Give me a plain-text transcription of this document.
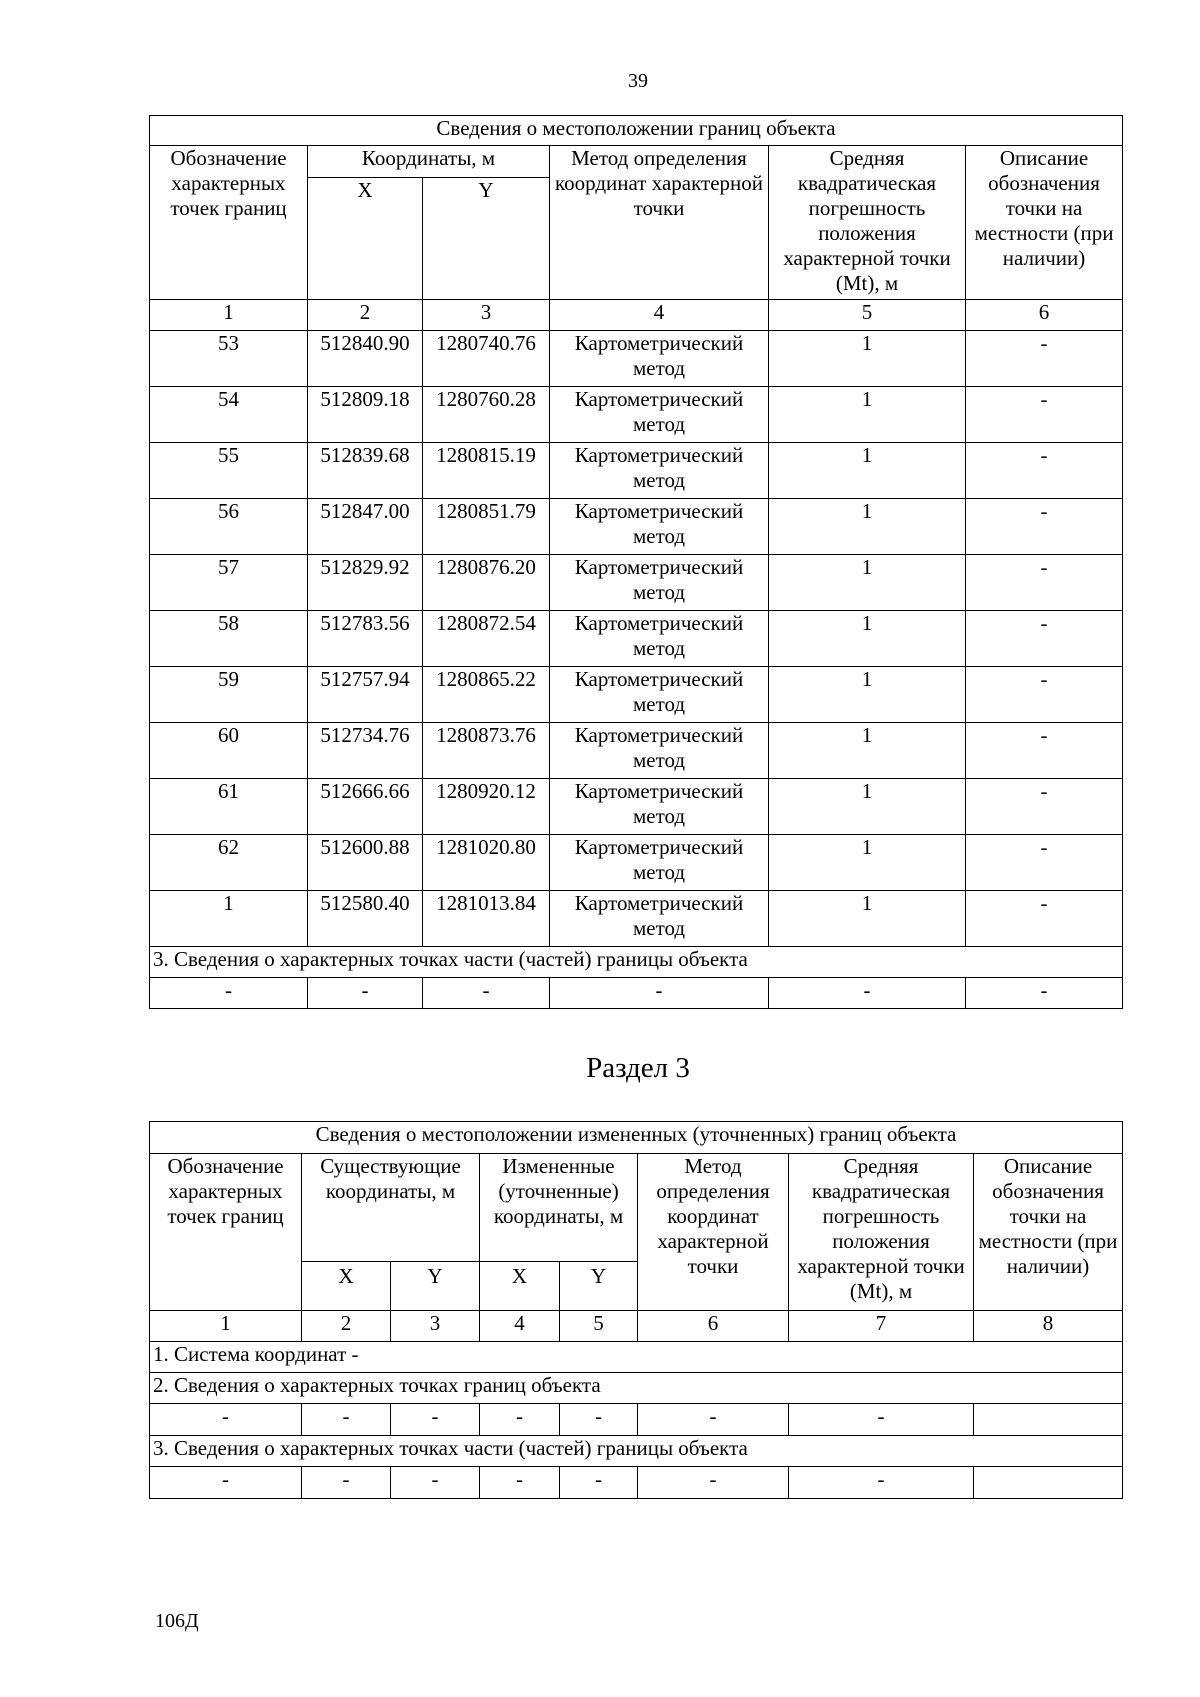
39
Сведения о местоположении границ объекта					
Обозначение характерных точек границ	Координаты, м		Метод определения координат характерной точки	Средняя квадратическая погрешность положения характерной точки (Mt), м	Описание обозначения точки на местности (при наличии)
	X	Y			
1	2	3	4	5	6
53	512840.90	1280740.76	Картометрический метод	1	-
54	512809.18	1280760.28	Картометрический метод	1	-
55	512839.68	1280815.19	Картометрический метод	1	-
56	512847.00	1280851.79	Картометрический метод	1	-
57	512829.92	1280876.20	Картометрический метод	1	-
58	512783.56	1280872.54	Картометрический метод	1	-
59	512757.94	1280865.22	Картометрический метод	1	-
60	512734.76	1280873.76	Картометрический метод	1	-
61	512666.66	1280920.12	Картометрический метод	1	-
62	512600.88	1281020.80	Картометрический метод	1	-
1	512580.40	1281013.84	Картометрический метод	1	-
3. Сведения о характерных точках части (частей) границы объекта					
-	-	-	-	-	-
Раздел 3
Сведения о местоположении измененных (уточненных) границ объекта							
Обозначение характерных точек границ	Существующие координаты, м		Измененные (уточненные) координаты, м		Метод определения координат характерной точки	Средняя квадратическая погрешность положения характерной точки (Mt), м	Описание обозначения точки на местности (при наличии)
	X	Y	X	Y			
1	2	3	4	5	6	7	8
1. Система координат -							
2. Сведения о характерных точках границ объекта							
-	-	-	-	-	-	-	
3. Сведения о характерных точках части (частей) границы объекта							
-	-	-	-	-	-	-	
106Д
